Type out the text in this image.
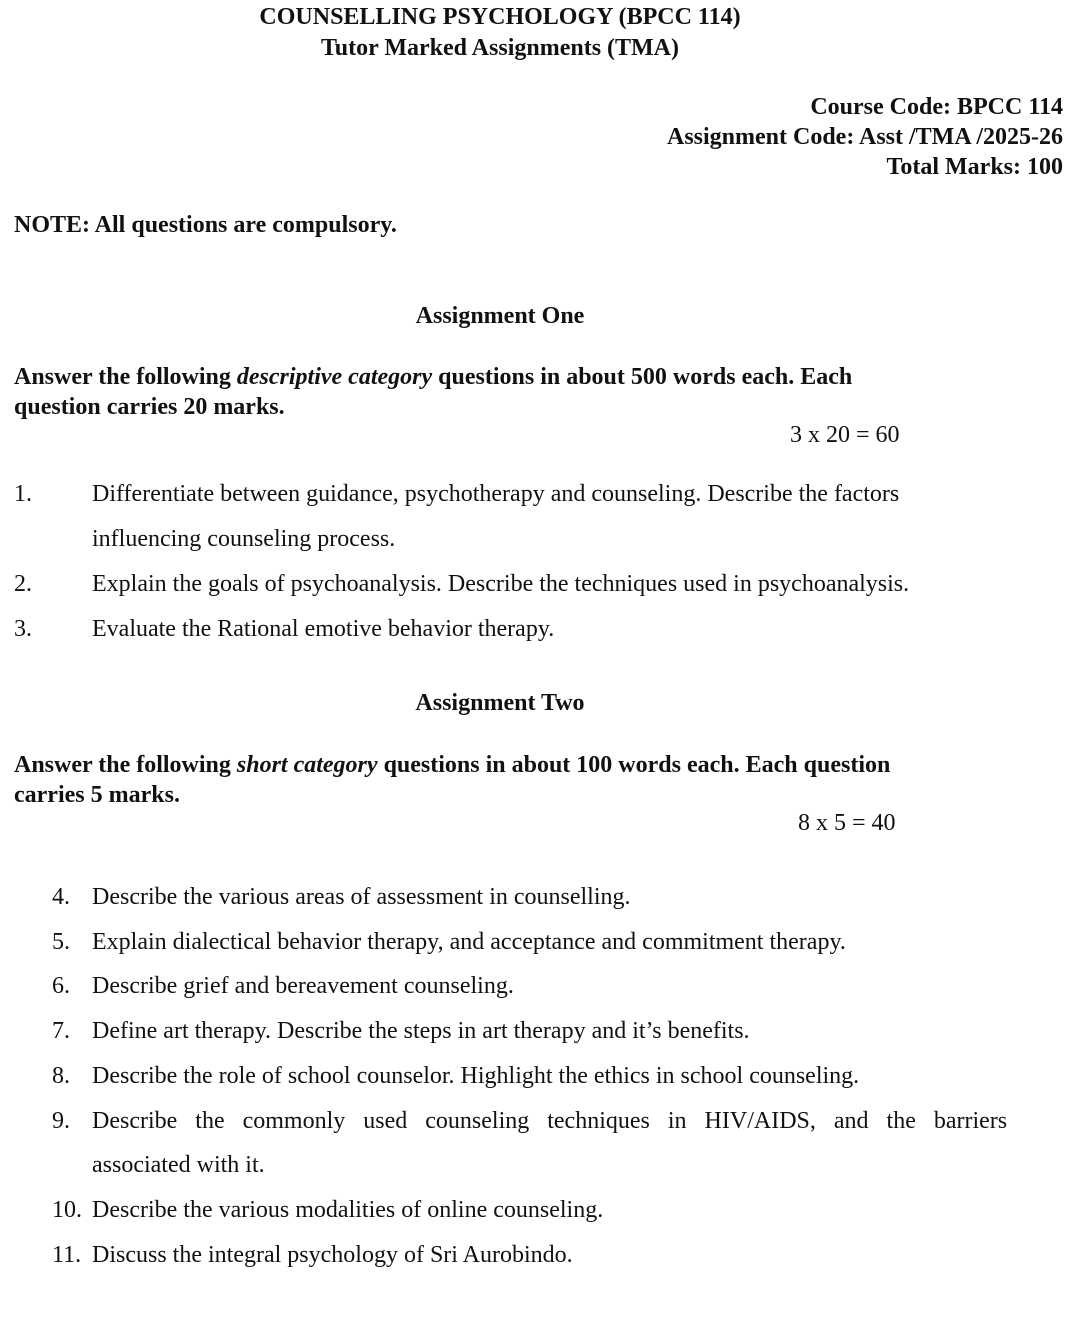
COUNSELLING PSYCHOLOGY (BPCC 114)
Tutor Marked Assignments (TMA)
Course Code: BPCC 114
Assignment Code: Asst /TMA /2025-26
Total Marks: 100
NOTE: All questions are compulsory.
Assignment One
Answer the following descriptive category questions in about 500 words each. Each
question carries 20 marks.
3 x 20 = 60
1.	Differentiate between guidance, psychotherapy and counseling. Describe the factors
influencing counseling process.
2.	Explain the goals of psychoanalysis. Describe the techniques used in psychoanalysis.
3.	Evaluate the Rational emotive behavior therapy.
Assignment Two
Answer the following short category questions in about 100 words each. Each question
carries 5 marks.
8 x 5 = 40
4. Describe the various areas of assessment in counselling.
5. Explain dialectical behavior therapy, and acceptance and commitment therapy.
6. Describe grief and bereavement counseling.
7. Define art therapy. Describe the steps in art therapy and it’s benefits.
8. Describe the role of school counselor. Highlight the ethics in school counseling.
9. Describe the commonly used counseling techniques in HIV/AIDS, and the barriers
associated with it.
10. Describe the various modalities of online counseling.
11. Discuss the integral psychology of Sri Aurobindo.
